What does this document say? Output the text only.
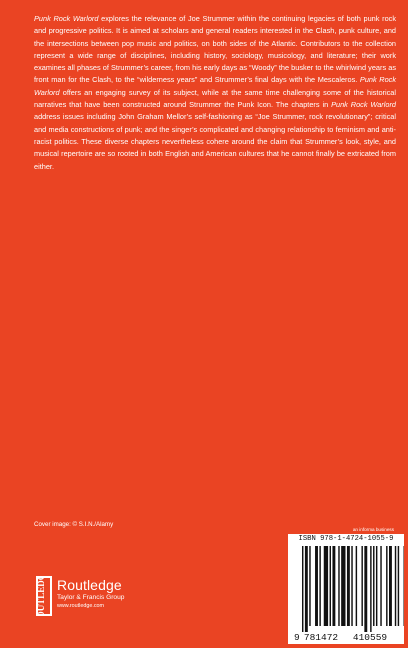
Punk Rock Warlord explores the relevance of Joe Strummer within the continuing legacies of both punk rock and progressive politics. It is aimed at scholars and general readers interested in the Clash, punk culture, and the intersections between pop music and politics, on both sides of the Atlantic. Contributors to the collection represent a wide range of disciplines, including history, sociology, musicology, and literature; their work examines all phases of Strummer’s career, from his early days as “Woody” the busker to the whirlwind years as front man for the Clash, to the “wilderness years” and Strummer’s final days with the Mescaleros. Punk Rock Warlord offers an engaging survey of its subject, while at the same time challenging some of the historical narratives that have been constructed around Strummer the Punk Icon. The chapters in Punk Rock Warlord address issues including John Graham Mellor’s self-fashioning as “Joe Strummer, rock revolutionary”; critical and media constructions of punk; and the singer’s complicated and changing relationship to feminism and anti-racist politics. These diverse chapters nevertheless cohere around the claim that Strummer’s look, style, and musical repertoire are so rooted in both English and American cultures that he cannot finally be extricated from either.

Cover image: © S.I.N./Alamy
an informa business
ROUTLEDGE Routledge
Taylor & Francis Group
www.routledge.com
ISBN 978-1-4724-1055-9
9 781472 410559
